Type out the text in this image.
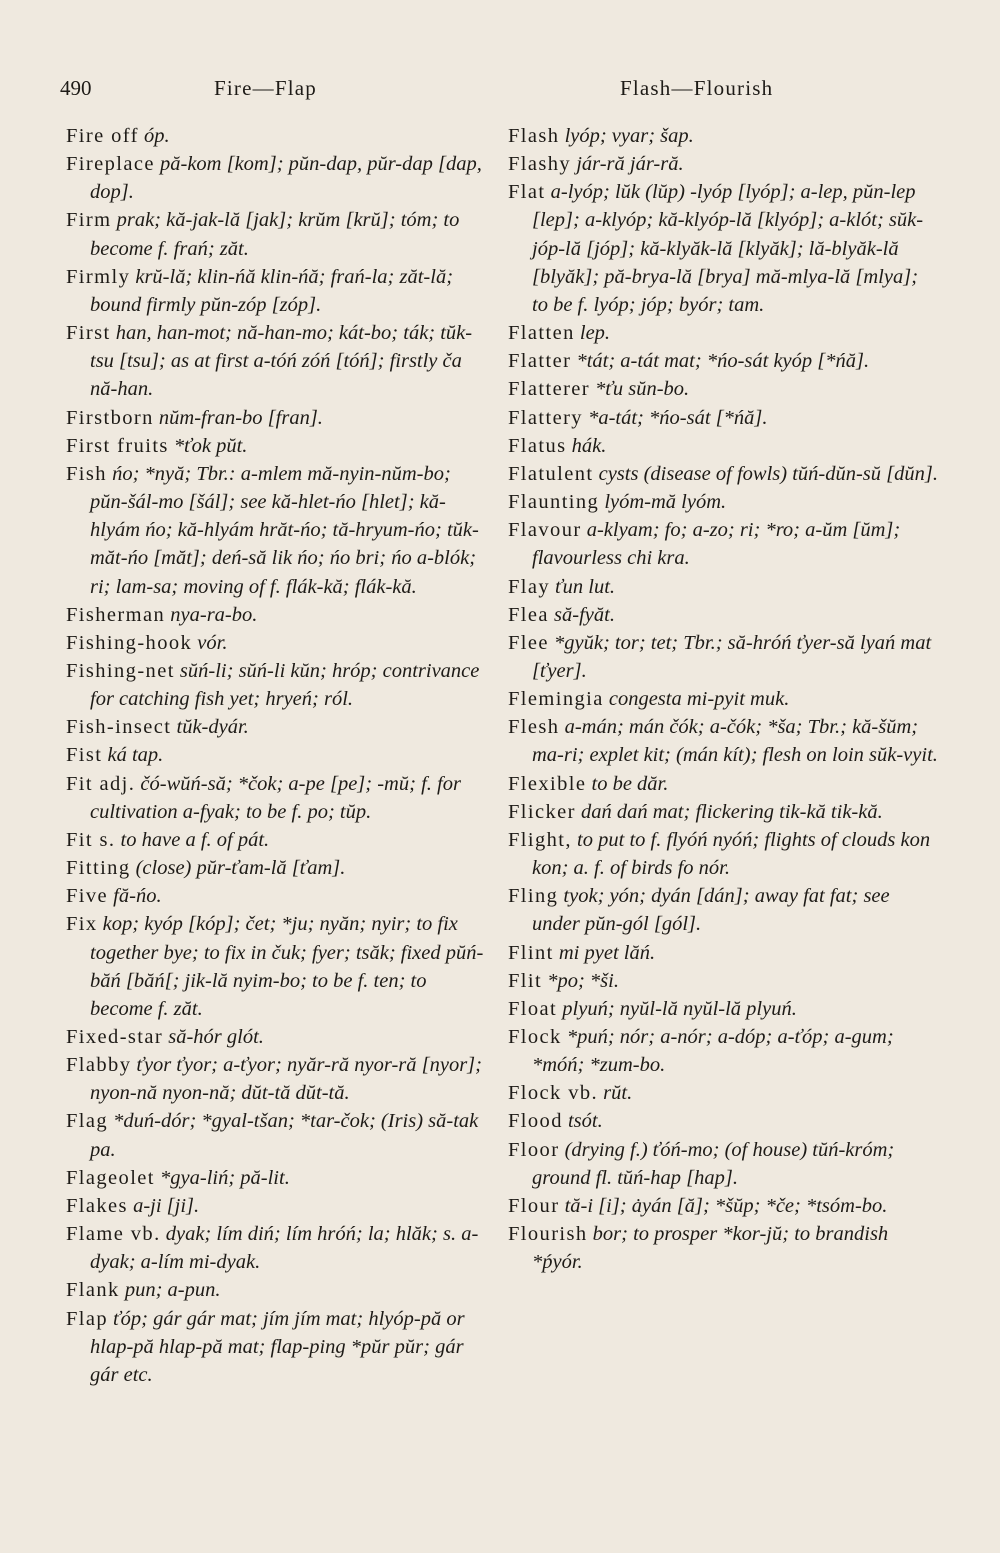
490	Fire—Flap	Flash—Flourish

Fire off óp.

Fireplace pă-kom [kom]; pŭn-dap, pŭr-dap [dap, dop].

Firm prak; kă-jak-lă [jak]; krŭm [krŭ]; tóm; to become f. frań; zăt.

Firmly krŭ-lă; klin-ńă klin-ńă; frań-la; zăt-lă; bound firmly pŭn-zóp [zóp].

First han, han-mot; nă-han-mo; kát-bo; ták; tŭk-tsu [tsu]; as at first a-tóń zóń [tóń]; firstly ča nă-han.

Firstborn nŭm-fran-bo [fran].

First fruits *ťok pŭt.

Fish ńo; *nyă; Tbr.: a-mlem mă-nyin-nŭm-bo; pŭn-šál-mo [šál]; see kă-hlet-ńo [hlet]; kă-hlyám ńo; kă-hlyám hrăt-ńo; tă-hryum-ńo; tŭk-măt-ńo [măt]; deń-să lik ńo; ńo bri; ńo a-blók; ri; lam-sa; moving of f. flák-kă; flák-kă.

Fisherman nya-ra-bo.

Fishing-hook vór.

Fishing-net sŭń-li; sŭń-li kŭn; hróp; contrivance for catching fish yet; hryeń; ról.

Fish-insect tŭk-dyár.

Fist ká tap.

Fit adj. čó-wŭń-să; *čok; a-pe [pe]; -mŭ; f. for cultivation a-fyak; to be f. po; tŭp.

Fit s. to have a f. of pát.

Fitting (close) pŭr-ťam-lă [ťam].

Five fă-ńo.

Fix kop; kyóp [kóp]; čet; *ju; nyăn; nyir; to fix together bye; to fix in čuk; fyer; tsăk; fixed pŭń-băń [băń[; jik-lă nyim-bo; to be f. ten; to become f. zăt.

Fixed-star să-hór glót.

Flabby ťyor ťyor; a-ťyor; nyăr-ră nyor-ră [nyor]; nyon-nă nyon-nă; dŭt-tă dŭt-tă.

Flag *duń-dór; *gyal-tšan; *tar-čok; (Iris) să-tak pa.

Flageolet *gya-liń; pă-lit.

Flakes a-ji [ji].

Flame vb. dyak; lím diń; lím hróń; la; hlăk; s. a-dyak; a-lím mi-dyak.

Flank pun; a-pun.

Flap ťóp; gár gár mat; jím jím mat; hlyóp-pă or hlap-pă hlap-pă mat; flap-ping *pŭr pŭr; gár gár etc.

Flash lyóp; vyar; šap.

Flashy jár-ră jár-ră.

Flat a-lyóp; lŭk (lŭp) -lyóp [lyóp]; a-lep, pŭn-lep [lep]; a-klyóp; kă-klyóp-lă [klyóp]; a-klót; sŭk-jóp-lă [jóp]; kă-klyăk-lă [klyăk]; lă-blyăk-lă [blyăk]; pă-brya-lă [brya] mă-mlya-lă [mlya]; to be f. lyóp; jóp; byór; tam.

Flatten lep.

Flatter *tát; a-tát mat; *ńo-sát kyóp [*ńă].

Flatterer *ťu sŭn-bo.

Flattery *a-tát; *ńo-sát [*ńă].

Flatus hák.

Flatulent cysts (disease of fowls) tŭń-dŭn-sŭ [dŭn].

Flaunting lyóm-mă lyóm.

Flavour a-klyam; fo; a-zo; ri; *ro; a-ŭm [ŭm]; flavourless chi kra.

Flay ťun lut.

Flea să-fyăt.

Flee *gyŭk; tor; tet; Tbr.; să-hróń ťyer-să lyań mat [ťyer].

Flemingia congesta mi-pyit muk.

Flesh a-mán; mán čók; a-čók; *ša; Tbr.; kă-šŭm; ma-ri; explet kit; (mán kít); flesh on loin sŭk-vyit.

Flexible to be dăr.

Flicker dań dań mat; flickering tik-kă tik-kă.

Flight, to put to f. flyóń nyóń; flights of clouds kon kon; a. f. of birds fo nór.

Fling tyok; yón; dyán [dán]; away fat fat; see under pŭn-gól [gól].

Flint mi pyet lăń.

Flit *po; *ši.

Float plyuń; nyŭl-lă nyŭl-lă plyuń.

Flock *puń; nór; a-nór; a-dóp; a-ťóp; a-gum; *móń; *zum-bo.

Flock vb. rŭt.

Flood tsót.

Floor (drying f.) ťóń-mo; (of house) tŭń-króm; ground fl. tŭń-hap [hap].

Flour tă-i [i]; ȧyán [ă]; *šŭp; *če; *tsóm-bo.

Flourish bor; to prosper *kor-jŭ; to brandish *ṕyór.
